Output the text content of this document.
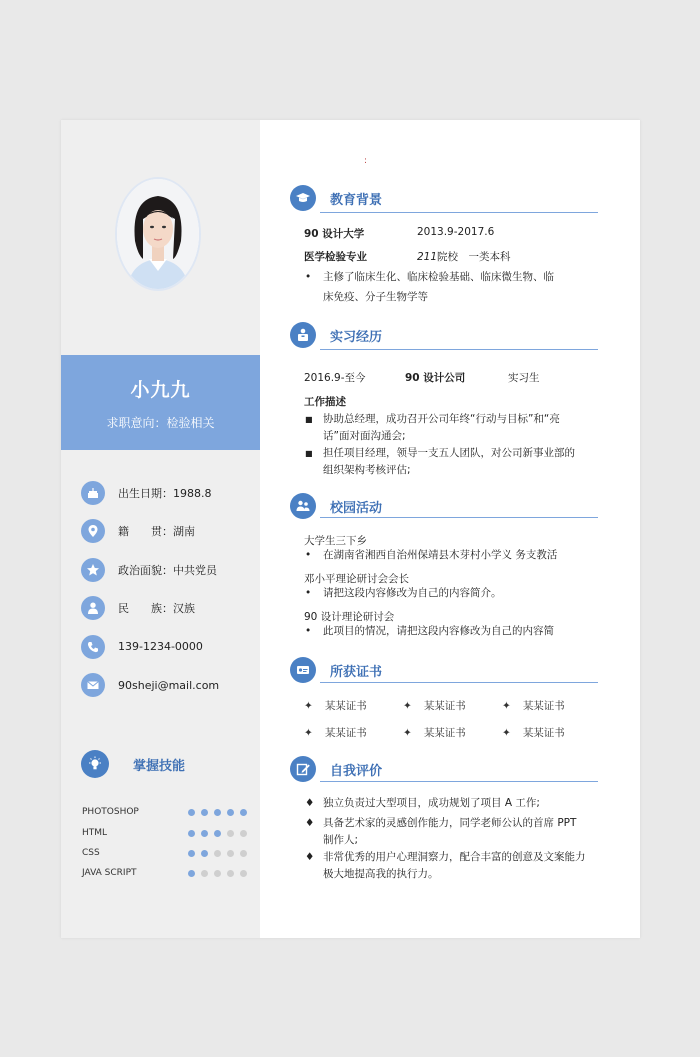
小九九
求职意向：检验相关
出生日期：1988.8
籍　　贯：湖南
政治面貌：中共党员
民　　族：汉族
139-1234-0000
90sheji@mail.com
掌握技能
PHOTOSHOP
HTML
CSS
JAVA SCRIPT
:
教育背景
90 设计大学	2013.9-2017.6
医学检验专业	211院校　一类本科
• 主修了临床生化、临床检验基础、临床微生物、临
床免疫、分子生物学等
实习经历
2016.9-至今	90 设计公司	实习生
工作描述
■ 协助总经理，成功召开公司年终“行动与目标”和“亮
话”面对面沟通会;
■ 担任项目经理，领导一支五人团队，对公司新事业部的
组织架构考核评估;
校园活动
大学生三下乡
• 在湖南省湘西自治州保靖县木芽村小学义 务支教活
邓小平理论研讨会会长
• 请把这段内容修改为自己的内容简介。
90 设计理论研讨会
• 此项目的情况，请把这段内容修改为自己的内容简
所获证书
✦ 某某证书	✦ 某某证书	✦ 某某证书
✦ 某某证书	✦ 某某证书	✦ 某某证书
自我评价
♦ 独立负责过大型项目，成功规划了项目 A 工作;
♦ 具备艺术家的灵感创作能力，同学老师公认的首席 PPT
制作人;
♦ 非常优秀的用户心理洞察力，配合丰富的创意及文案能力
极大地提高我的执行力。
